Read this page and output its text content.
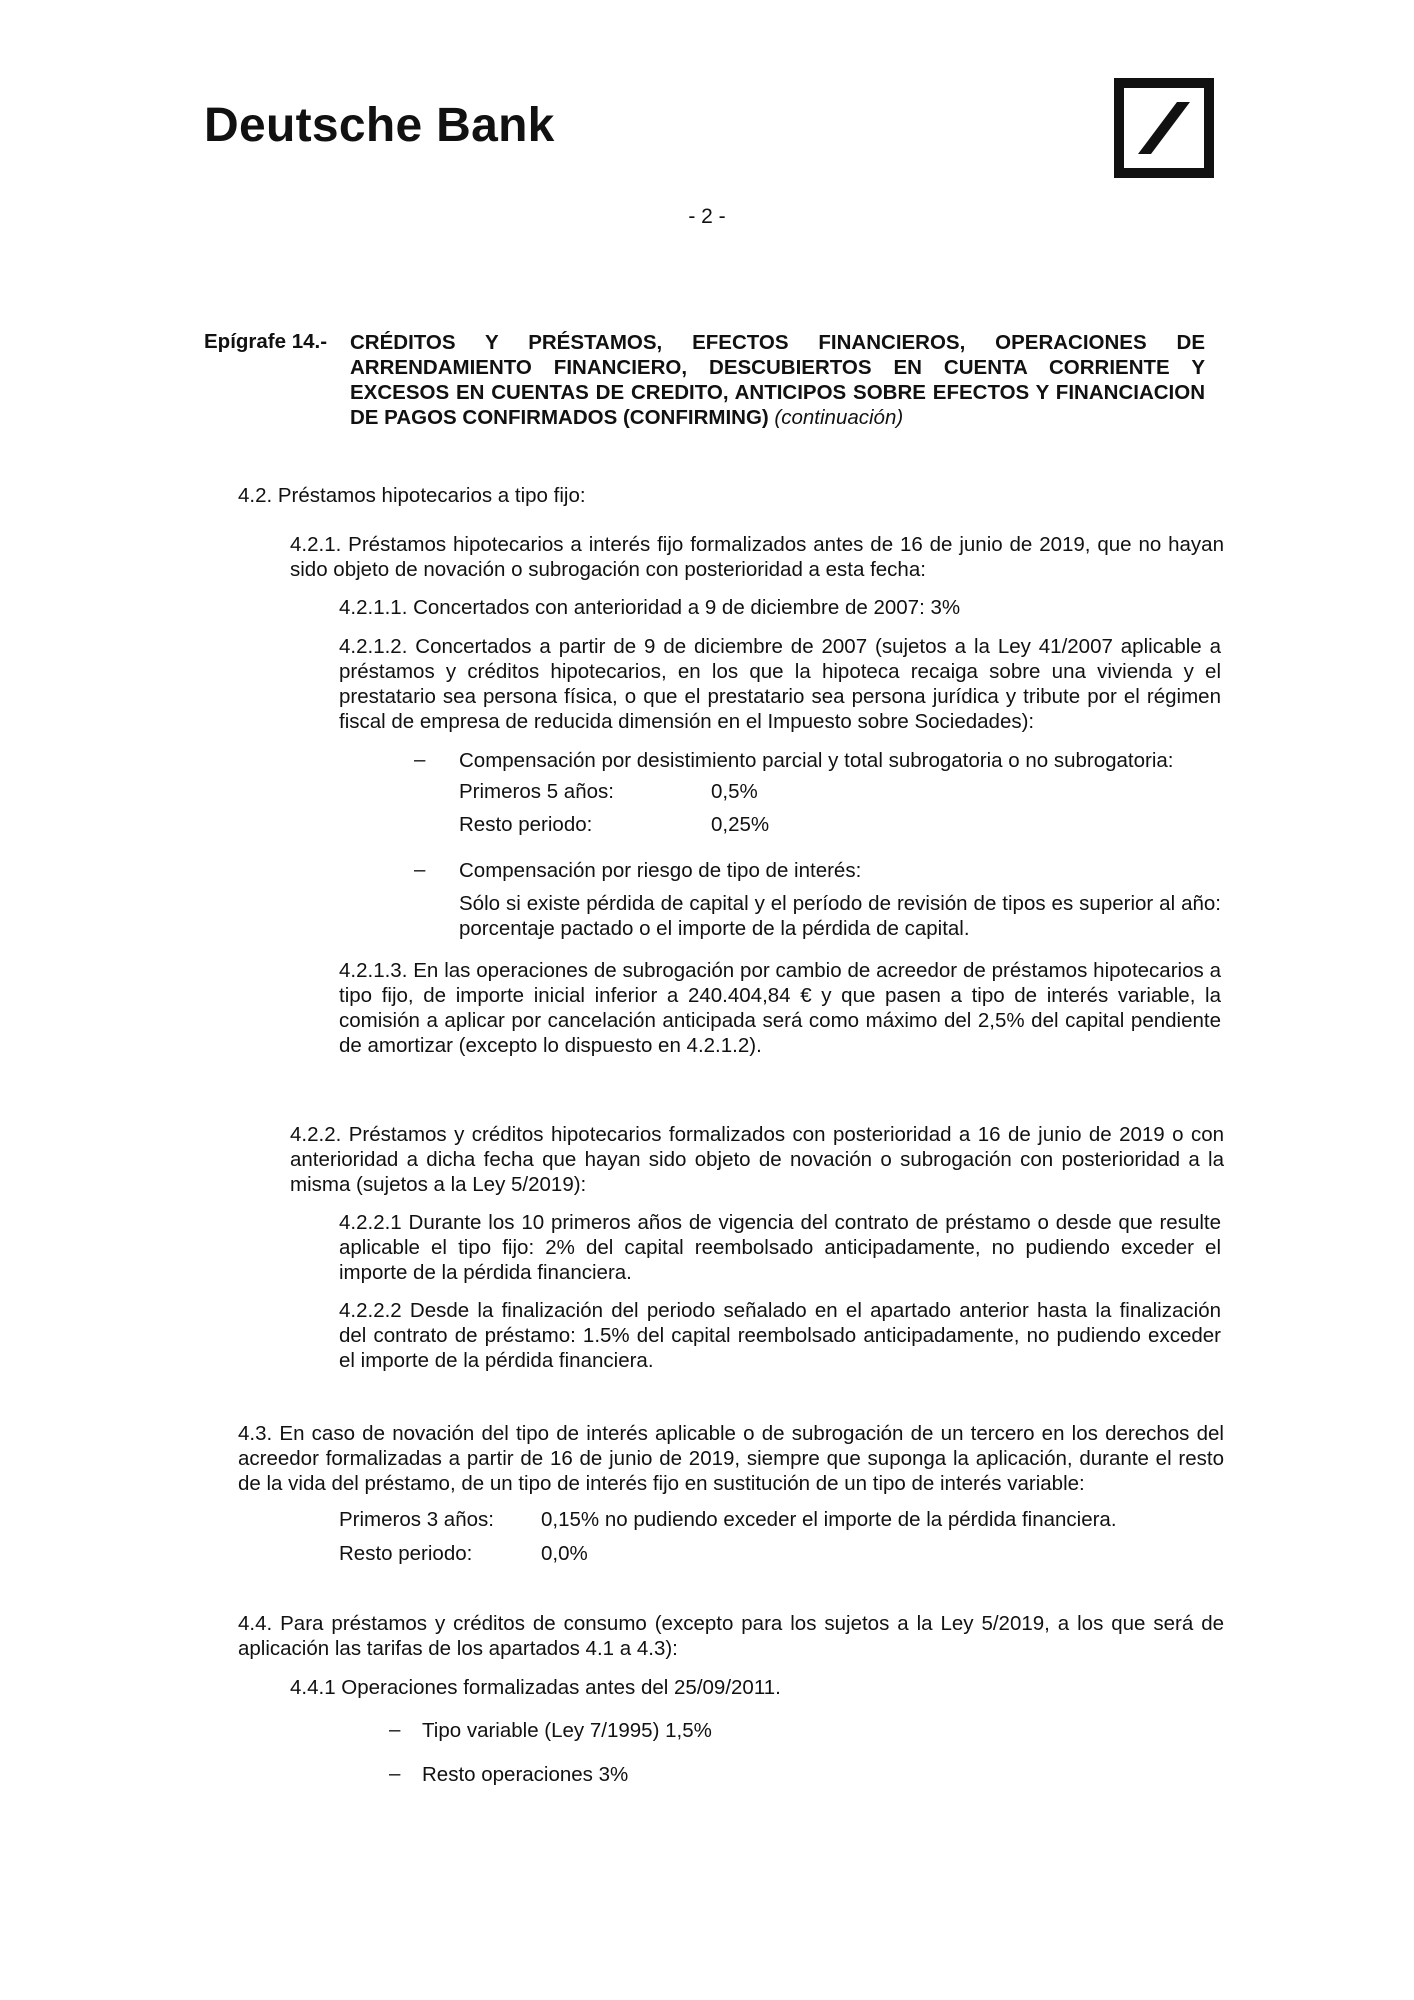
Deutsche Bank
- 2 -
Epígrafe 14.- CRÉDITOS Y PRÉSTAMOS, EFECTOS FINANCIEROS, OPERACIONES DE ARRENDAMIENTO FINANCIERO, DESCUBIERTOS EN CUENTA CORRIENTE Y EXCESOS EN CUENTAS DE CREDITO, ANTICIPOS SOBRE EFECTOS Y FINANCIACION DE PAGOS CONFIRMADOS (CONFIRMING) (continuación)

4.2. Préstamos hipotecarios a tipo fijo:

4.2.1. Préstamos hipotecarios a interés fijo formalizados antes de 16 de junio de 2019, que no hayan sido objeto de novación o subrogación con posterioridad a esta fecha:

4.2.1.1. Concertados con anterioridad a 9 de diciembre de 2007: 3%

4.2.1.2. Concertados a partir de 9 de diciembre de 2007 (sujetos a la Ley 41/2007 aplicable a préstamos y créditos hipotecarios, en los que la hipoteca recaiga sobre una vivienda y el prestatario sea persona física, o que el prestatario sea persona jurídica y tribute por el régimen fiscal de empresa de reducida dimensión en el Impuesto sobre Sociedades):

– Compensación por desistimiento parcial y total subrogatoria o no subrogatoria:

Primeros 5 años:	0,5%
Resto periodo:	0,25%
– Compensación por riesgo de tipo de interés:

Sólo si existe pérdida de capital y el período de revisión de tipos es superior al año: porcentaje pactado o el importe de la pérdida de capital.

4.2.1.3. En las operaciones de subrogación por cambio de acreedor de préstamos hipotecarios a tipo fijo, de importe inicial inferior a 240.404,84 € y que pasen a tipo de interés variable, la comisión a aplicar por cancelación anticipada será como máximo del 2,5% del capital pendiente de amortizar (excepto lo dispuesto en 4.2.1.2).

4.2.2. Préstamos y créditos hipotecarios formalizados con posterioridad a 16 de junio de 2019 o con anterioridad a dicha fecha que hayan sido objeto de novación o subrogación con posterioridad a la misma (sujetos a la Ley 5/2019):

4.2.2.1 Durante los 10 primeros años de vigencia del contrato de préstamo o desde que resulte aplicable el tipo fijo: 2% del capital reembolsado anticipadamente, no pudiendo exceder el importe de la pérdida financiera.

4.2.2.2 Desde la finalización del periodo señalado en el apartado anterior hasta la finalización del contrato de préstamo: 1.5% del capital reembolsado anticipadamente, no pudiendo exceder el importe de la pérdida financiera.

4.3. En caso de novación del tipo de interés aplicable o de subrogación de un tercero en los derechos del acreedor formalizadas a partir de 16 de junio de 2019, siempre que suponga la aplicación, durante el resto de la vida del préstamo, de un tipo de interés fijo en sustitución de un tipo de interés variable:

Primeros 3 años: 0,15% no pudiendo exceder el importe de la pérdida financiera.
Resto periodo:	0,0%

4.4. Para préstamos y créditos de consumo (excepto para los sujetos a la Ley 5/2019, a los que será de aplicación las tarifas de los apartados 4.1 a 4.3):

4.4.1 Operaciones formalizadas antes del 25/09/2011.

– Tipo variable (Ley 7/1995) 1,5%

– Resto operaciones 3%
